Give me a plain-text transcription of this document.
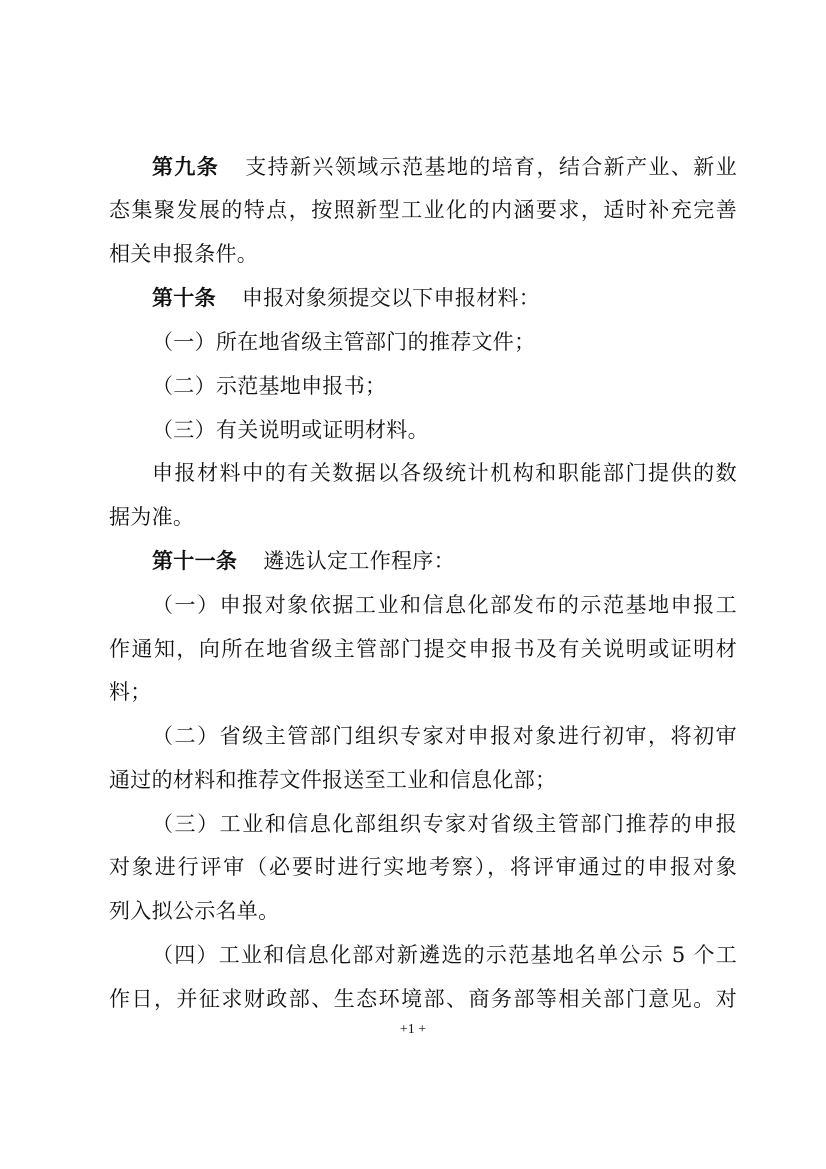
第九条 支持新兴领域示范基地的培育，结合新产业、新业
态集聚发展的特点，按照新型工业化的内涵要求，适时补充完善
相关申报条件。
第十条 申报对象须提交以下申报材料：
（一）所在地省级主管部门的推荐文件；
（二）示范基地申报书；
（三）有关说明或证明材料。
申报材料中的有关数据以各级统计机构和职能部门提供的数
据为准。
第十一条 遴选认定工作程序：
（一）申报对象依据工业和信息化部发布的示范基地申报工
作通知，向所在地省级主管部门提交申报书及有关说明或证明材
料；
（二）省级主管部门组织专家对申报对象进行初审，将初审
通过的材料和推荐文件报送至工业和信息化部；
（三）工业和信息化部组织专家对省级主管部门推荐的申报
对象进行评审（必要时进行实地考察），将评审通过的申报对象
列入拟公示名单。
（四）工业和信息化部对新遴选的示范基地名单公示 5 个工
作日，并征求财政部、生态环境部、商务部等相关部门意见。对
+1 +
